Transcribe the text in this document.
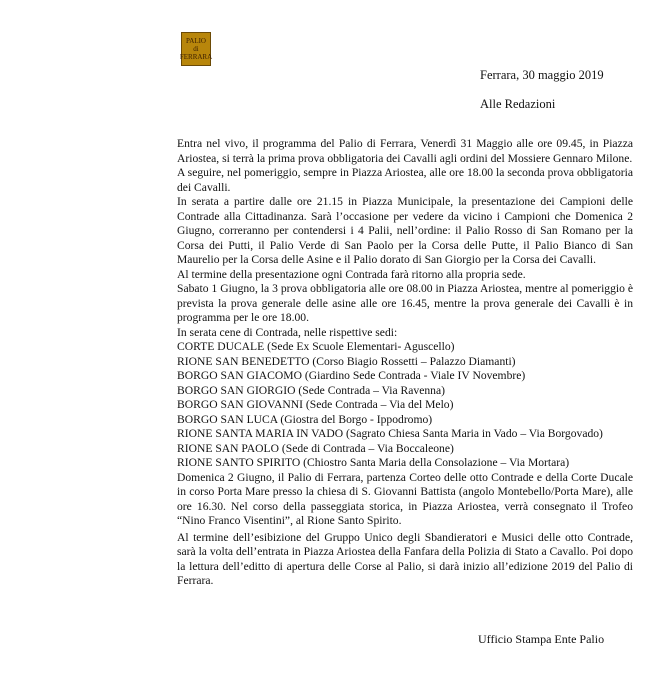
PALIO
di
FERRARA
Ferrara, 30 maggio 2019
Alle Redazioni

Entra nel vivo, il programma del Palio di Ferrara, Venerdì 31 Maggio alle ore 09.45, in Piazza Ariostea, si terrà la prima prova obbligatoria dei Cavalli agli ordini del Mossiere Gennaro Milone.

A seguire, nel pomeriggio, sempre in Piazza Ariostea, alle ore 18.00 la seconda prova obbligatoria dei Cavalli.

In serata a partire dalle ore 21.15 in Piazza Municipale, la presentazione dei Campioni delle Contrade alla Cittadinanza. Sarà l’occasione per vedere da vicino i Campioni che Domenica 2 Giugno, correranno per contendersi i 4 Palii, nell’ordine: il Palio Rosso di San Romano per la Corsa dei Putti, il Palio Verde di San Paolo per la Corsa delle Putte, il Palio Bianco di San Maurelio per la Corsa delle Asine e il Palio dorato di San Giorgio per la Corsa dei Cavalli.

Al termine della presentazione ogni Contrada farà ritorno alla propria sede.

Sabato 1 Giugno, la 3 prova obbligatoria alle ore 08.00 in Piazza Ariostea, mentre al pomeriggio è prevista la prova generale delle asine alle ore 16.45, mentre la prova generale dei Cavalli è in programma per le ore 18.00.

In serata cene di Contrada, nelle rispettive sedi:

CORTE DUCALE (Sede Ex Scuole Elementari- Aguscello)

RIONE SAN BENEDETTO (Corso Biagio Rossetti – Palazzo Diamanti)

BORGO SAN GIACOMO (Giardino Sede Contrada - Viale IV Novembre)

BORGO SAN GIORGIO (Sede Contrada – Via Ravenna)

BORGO SAN GIOVANNI (Sede Contrada – Via del Melo)

BORGO SAN LUCA (Giostra del Borgo - Ippodromo)

RIONE SANTA MARIA IN VADO (Sagrato Chiesa Santa Maria in Vado – Via Borgovado)

RIONE SAN PAOLO (Sede di Contrada – Via Boccaleone)

RIONE SANTO SPIRITO (Chiostro Santa Maria della Consolazione – Via Mortara)

Domenica 2 Giugno, il Palio di Ferrara, partenza Corteo delle otto Contrade e della Corte Ducale in corso Porta Mare presso la chiesa di S. Giovanni Battista (angolo Montebello/Porta Mare), alle ore 16.30. Nel corso della passeggiata storica, in Piazza Ariostea, verrà consegnato il Trofeo “Nino Franco Visentini”, al Rione Santo Spirito.

Al termine dell’esibizione del Gruppo Unico degli Sbandieratori e Musici delle otto Contrade, sarà la volta dell’entrata in Piazza Ariostea della Fanfara della Polizia di Stato a Cavallo. Poi dopo la lettura dell’editto di apertura delle Corse al Palio, si darà inizio all’edizione 2019 del Palio di Ferrara.

Ufficio Stampa Ente Palio
